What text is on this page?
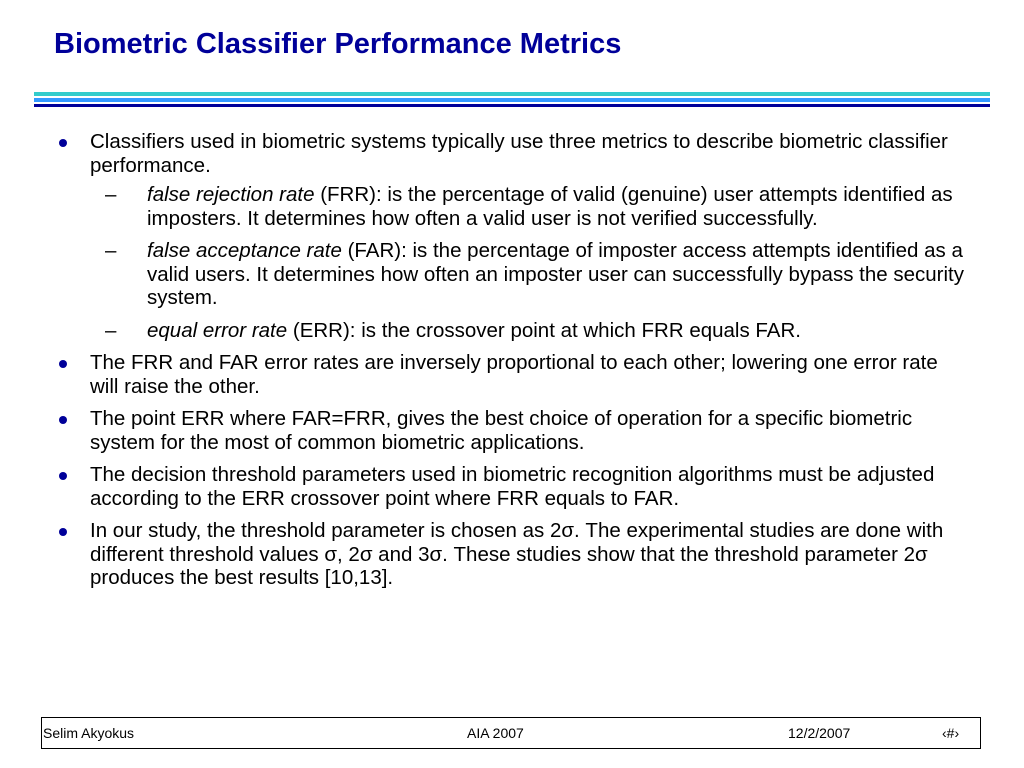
Biometric Classifier Performance Metrics
Classifiers used in biometric systems typically use three metrics to describe biometric classifier performance.
– false rejection rate (FRR): is the percentage of valid (genuine) user attempts identified as imposters. It determines how often a valid user is not verified successfully.
– false acceptance rate (FAR): is the percentage of imposter access attempts identified as a valid users. It determines how often an imposter user can successfully bypass the security system.
– equal error rate (ERR): is the crossover point at which FRR equals FAR.
The FRR and FAR error rates are inversely proportional to each other; lowering one error rate will raise the other.
The point ERR where FAR=FRR, gives the best choice of operation for a specific biometric system for the most of common biometric applications.
The decision threshold parameters used in biometric recognition algorithms must be adjusted according to the ERR crossover point where FRR equals to FAR.
In our study, the threshold parameter is chosen as 2σ. The experimental studies are done with different threshold values σ, 2σ and 3σ. These studies show that the threshold parameter 2σ produces the best results [10,13].
Selim Akyokus	AIA 2007	12/2/2007	‹#›
